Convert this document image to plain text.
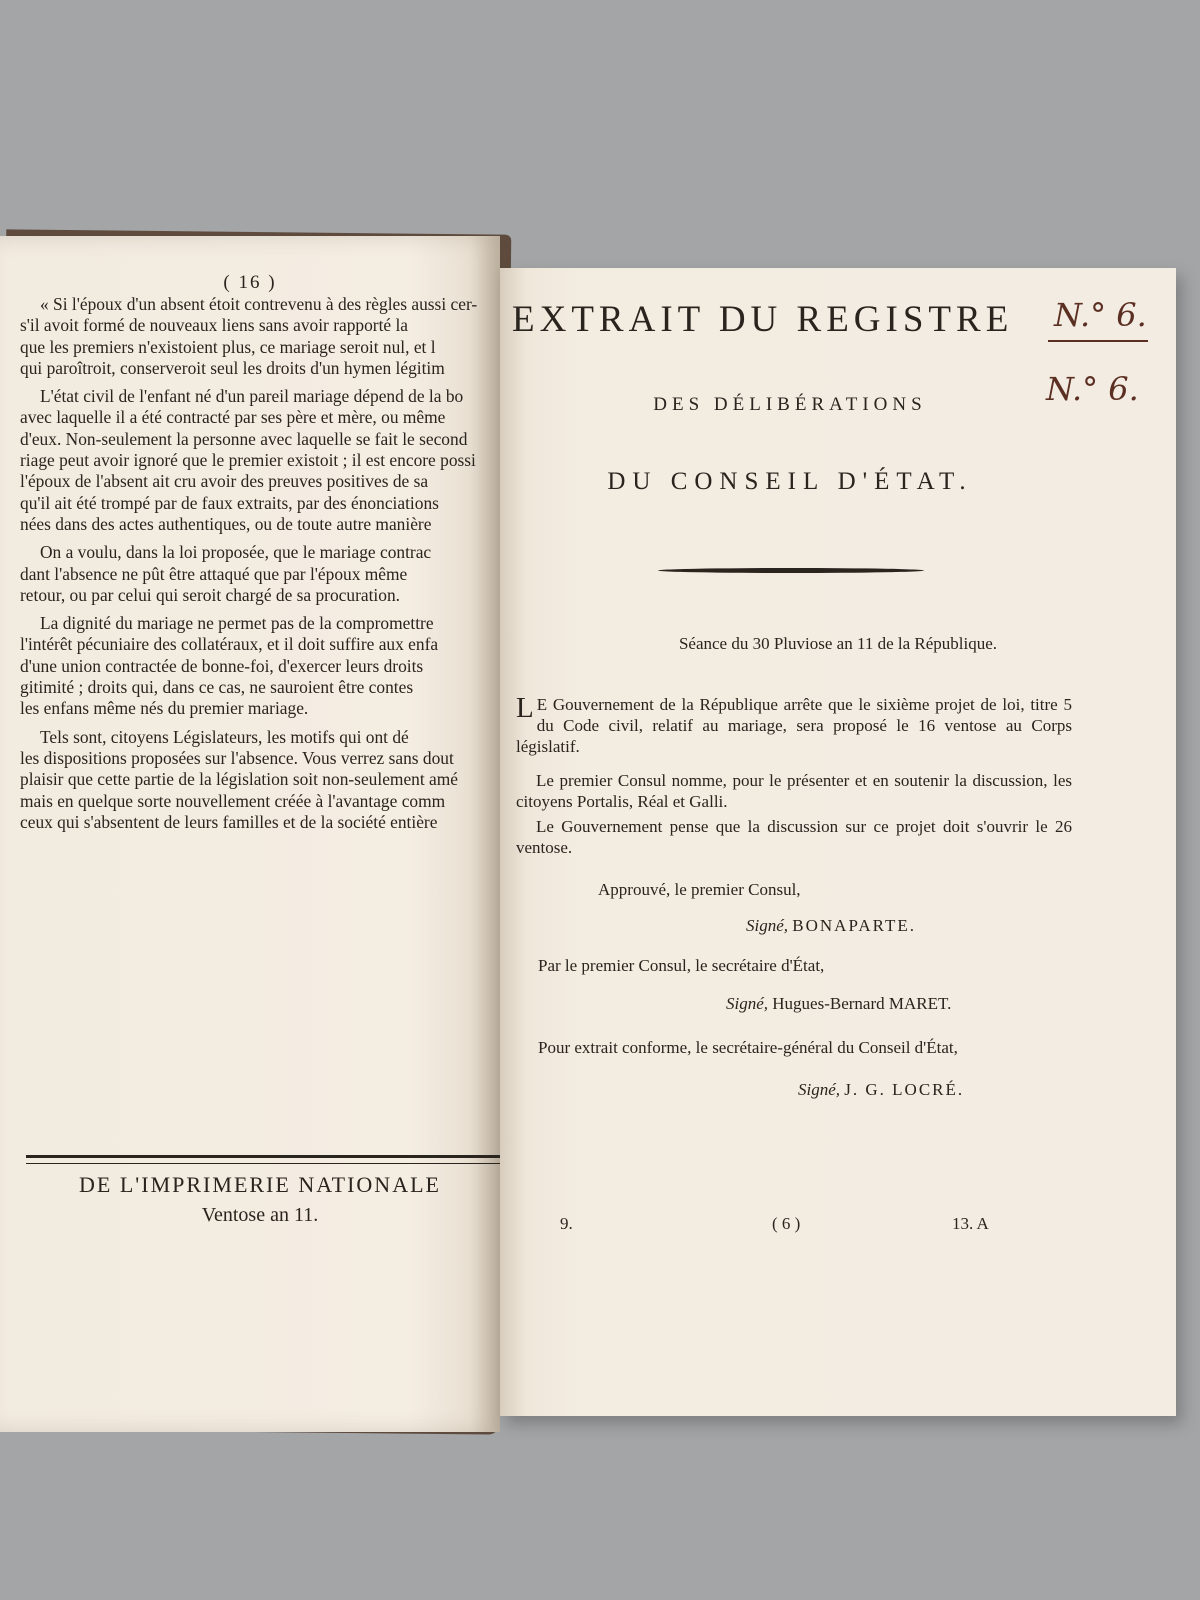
( 16 )
« Si l'époux d'un absent étoit contrevenu à des règles aussi cer-
s'il avoit formé de nouveaux liens sans avoir rapporté la
que les premiers n'existoient plus, ce mariage seroit nul, et l
qui paroîtroit, conserveroit seul les droits d'un hymen légitim
L'état civil de l'enfant né d'un pareil mariage dépend de la bo
avec laquelle il a été contracté par ses père et mère, ou même
d'eux. Non-seulement la personne avec laquelle se fait le second
riage peut avoir ignoré que le premier existoit ; il est encore possi
l'époux de l'absent ait cru avoir des preuves positives de sa
qu'il ait été trompé par de faux extraits, par des énonciations
nées dans des actes authentiques, ou de toute autre manière
On a voulu, dans la loi proposée, que le mariage contrac
dant l'absence ne pût être attaqué que par l'époux même
retour, ou par celui qui seroit chargé de sa procuration.
La dignité du mariage ne permet pas de la compromettre
l'intérêt pécuniaire des collatéraux, et il doit suffire aux enfa
d'une union contractée de bonne-foi, d'exercer leurs droits
gitimité ; droits qui, dans ce cas, ne sauroient être contes
les enfans même nés du premier mariage.
Tels sont, citoyens Législateurs, les motifs qui ont dé
les dispositions proposées sur l'absence. Vous verrez sans dout
plaisir que cette partie de la législation soit non-seulement amé
mais en quelque sorte nouvellement créée à l'avantage comm
ceux qui s'absentent de leurs familles et de la société entière
DE L'IMPRIMERIE NATIONALE
Ventose an 11.
EXTRAIT DU REGISTRE N.° 6.
N.° 6.
DES DÉLIBÉRATIONS
DU CONSEIL D'ÉTAT.
Séance du 30 Pluviose an 11 de la République.
L E Gouvernement de la République arrête que le sixième projet de loi, titre 5 du Code civil, relatif au mariage, sera proposé le 16 ventose au Corps législatif.
Le premier Consul nomme, pour le présenter et en soutenir la discussion, les citoyens Portalis, Réal et Galli.
Le Gouvernement pense que la discussion sur ce projet doit s'ouvrir le 26 ventose.
Approuvé, le premier Consul,
Signé, BONAPARTE.
Par le premier Consul, le secrétaire d'État,
Signé, Hugues-Bernard MARET.
Pour extrait conforme, le secrétaire-général du Conseil d'État,
Signé, J. G. LOCRÉ.
9.	( 6 )	13. A
